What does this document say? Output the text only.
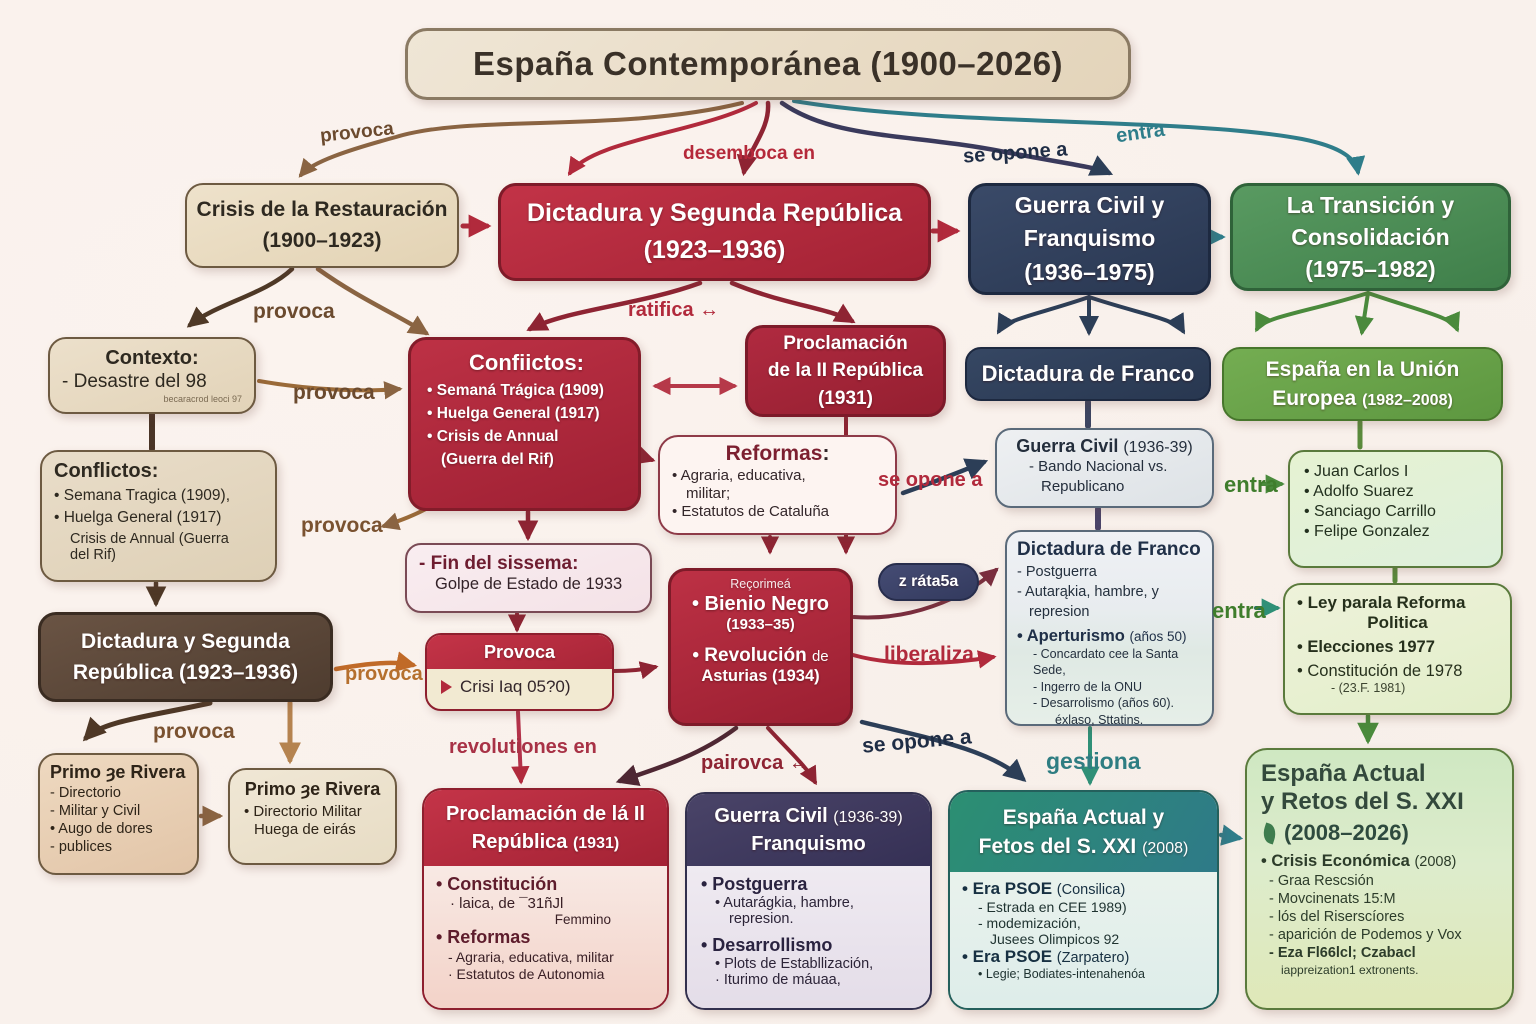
España Contemporánea (1900–2026)
Crisis de la Restauración
(1900–1923)
Dictadura y Segunda República
(1923–1936)
Guerra Civil y
Franquismo
(1936–1975)
La Transición y
Consolidación
(1975–1982)
Contexto:
- Desastre del 98
becaracrod leoci 97
Confiictos:
• Semaná Trágica (1909)
• Huelga General (1917)
• Crisis de Annual
(Guerra del Rif)
Proclamación
de la II República
(1931)
Dictadura de Franco	España en la Unión
Europea (1982–2008)
Conflictos:
• Semana Tragica (1909),
• Huelga General (1917)
Crisis de Annual (Guerra
del Rif)
Reformas:
• Agraria, educativa,
militar;
• Estatutos de Cataluña
Guerra Civil (1936-39)
- Bando Nacional vs.
Republicano
• Juan Carlos I
• Adolfo Suarez
• Sanciago Carrillo
• Felipe Gonzalez
- Fin del sissema:
Golpe de Estado de 1933
Provoca
Crisi Iaq 05?0)
Reçorimeá
• Bienio Negro
(1933–35)
• Revolución de
Asturias (1934)
z ráta5a
Dictadura de Franco
- Postguerra
- Autarąkia, hambre, y
represion
• Aperturismo (años 50)
- Concardato cee la Santa Sede,
- Ingerro de la ONU
- Desarrolismo (años 60).
éxlaso, Sttatins.
• Ley parala Reforma
Politica
• Elecciones 1977
• Constitución de 1978
- (23.F. 1981)
Dictadura y Segunda
República (1923–1936)
Primo ȝe Rivera
- Directorio
- Militar y Civil
• Augo de dores
- publices
Primo ȝe Rivera
• Directorio Militar
Huega de eirás
Proclamación de lá Il
República (1931)
• Constitución
· laica, de ¯31ñJl
Femmino
• Reformas
- Agraria, educativa, militar
· Estatutos de Autonomia
Guerra Civil (1936-39)
Franquismo
• Postguerra
• Autarágkia, hambre,
represion.
• Desarrollismo
• Plots de Establlización,
· Iturimo de máuaa,
España Actual y
Fetos del S. XXI (2008)
• Era PSOE (Consilica)
- Estrada en CEE 1989)
- modemización,
Jusees Olimpicos 92
• Era PSOE (Zarpatero)
• Legie; Bodiates-intenahenóa
España Actual
y Retos del S. XXI
(2008–2026)
• Crisis Económica (2008)
- Graa Rescsión
- Movcinenats 15:M
- lós del Riserscíores
- aparición de Podemos y Vox
- Eza Fl66lcl; Czabacl
iappreization1 extronents.
provoca
desemboca en	se opone a
entra
provoca
provoca
ratifica ↔
provoca
se opone a	entra
entra
liberaliza
provoca
provoca
revolutiones en
pairovca ↔
se opone a
gestiona
